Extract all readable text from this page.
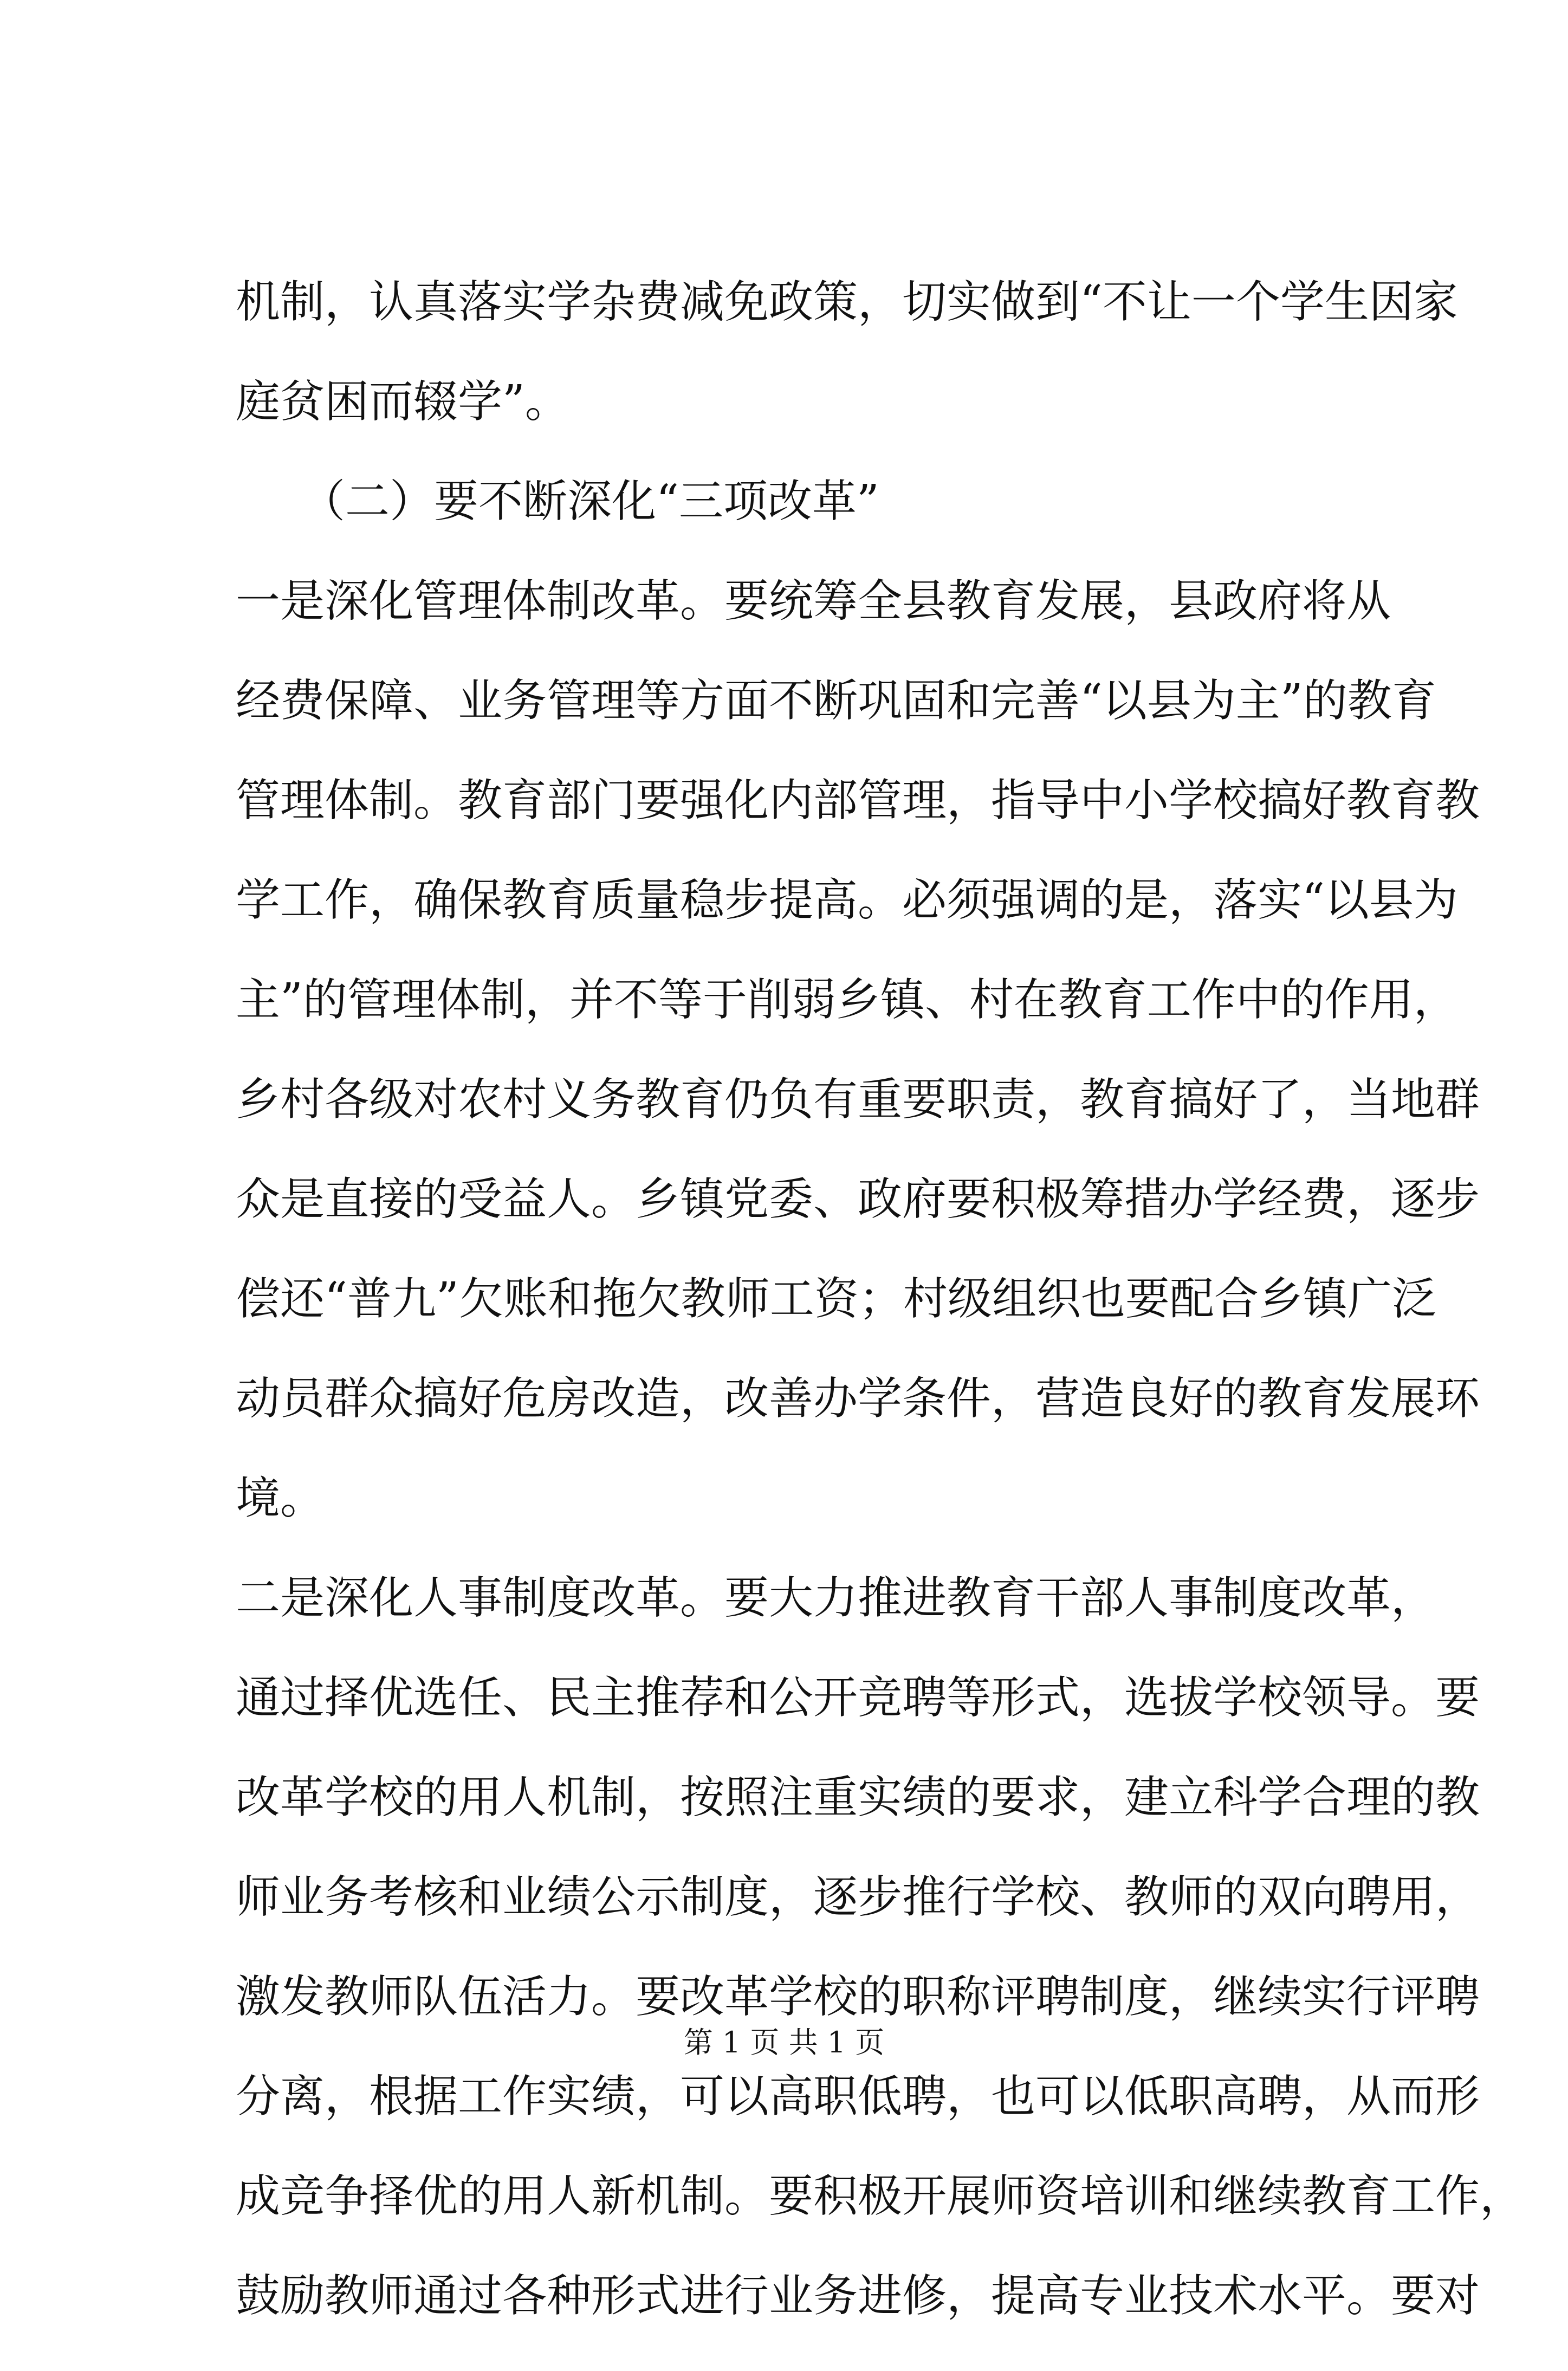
机制，认真落实学杂费减免政策，切实做到“不让一个学生因家
庭贫困而辍学”。
（二）要不断深化“三项改革”
一是深化管理体制改革。要统筹全县教育发展，县政府将从
经费保障、业务管理等方面不断巩固和完善“以县为主”的教育
管理体制。教育部门要强化内部管理，指导中小学校搞好教育教
学工作，确保教育质量稳步提高。必须强调的是，落实“以县为
主”的管理体制，并不等于削弱乡镇、村在教育工作中的作用，
乡村各级对农村义务教育仍负有重要职责，教育搞好了，当地群
众是直接的受益人。乡镇党委、政府要积极筹措办学经费，逐步
偿还“普九”欠账和拖欠教师工资；村级组织也要配合乡镇广泛
动员群众搞好危房改造，改善办学条件，营造良好的教育发展环
境。
二是深化人事制度改革。要大力推进教育干部人事制度改革，
通过择优选任、民主推荐和公开竞聘等形式，选拔学校领导。要
改革学校的用人机制，按照注重实绩的要求，建立科学合理的教
师业务考核和业绩公示制度，逐步推行学校、教师的双向聘用，
激发教师队伍活力。要改革学校的职称评聘制度，继续实行评聘
分离，根据工作实绩，可以高职低聘，也可以低职高聘，从而形
成竞争择优的用人新机制。要积极开展师资培训和继续教育工作，
鼓励教师通过各种形式进行业务进修，提高专业技术水平。要对
第 1 页 共 1 页
